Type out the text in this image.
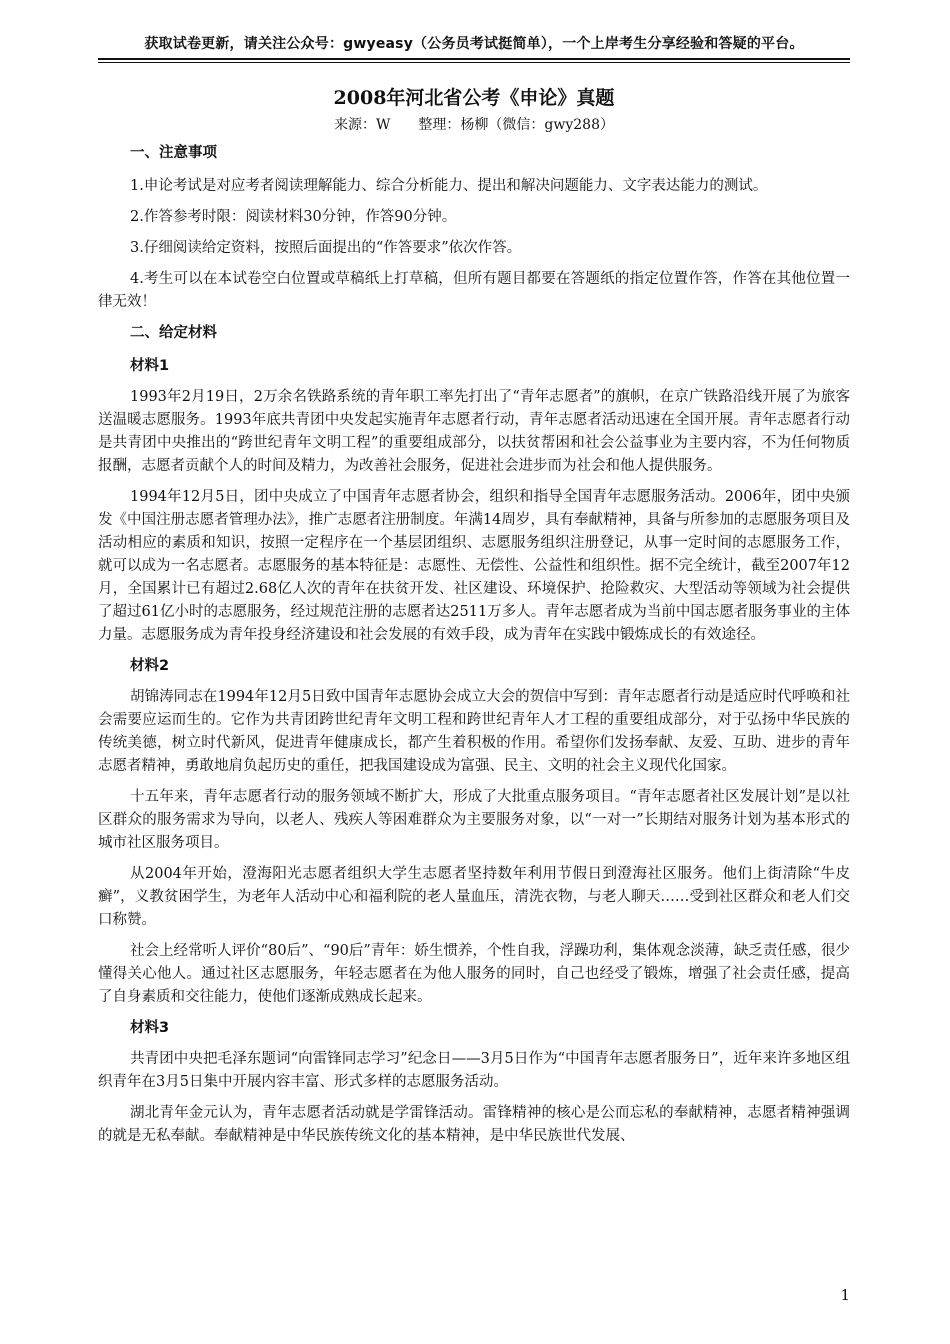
获取试卷更新，请关注公众号：gwyeasy（公务员考试挺简单），一个上岸考生分享经验和答疑的平台。

2008年河北省公考《申论》真题

来源：W　　整理：杨柳（微信：gwy288）

一、注意事项

1.申论考试是对应考者阅读理解能力、综合分析能力、提出和解决问题能力、文字表达能力的测试。

2.作答参考时限：阅读材料30分钟，作答90分钟。

3.仔细阅读给定资料，按照后面提出的“作答要求”依次作答。

4.考生可以在本试卷空白位置或草稿纸上打草稿，但所有题目都要在答题纸的指定位置作答，作答在其他位置一律无效！

二、给定材料

材料1

1993年2月19日，2万余名铁路系统的青年职工率先打出了“青年志愿者”的旗帜，在京广铁路沿线开展了为旅客送温暖志愿服务。1993年底共青团中央发起实施青年志愿者行动，青年志愿者活动迅速在全国开展。青年志愿者行动是共青团中央推出的“跨世纪青年文明工程”的重要组成部分，以扶贫帮困和社会公益事业为主要内容，不为任何物质报酬，志愿者贡献个人的时间及精力，为改善社会服务，促进社会进步而为社会和他人提供服务。

1994年12月5日，团中央成立了中国青年志愿者协会，组织和指导全国青年志愿服务活动。2006年，团中央颁发《中国注册志愿者管理办法》，推广志愿者注册制度。年满14周岁，具有奉献精神，具备与所参加的志愿服务项目及活动相应的素质和知识，按照一定程序在一个基层团组织、志愿服务组织注册登记，从事一定时间的志愿服务工作，就可以成为一名志愿者。志愿服务的基本特征是：志愿性、无偿性、公益性和组织性。据不完全统计，截至2007年12月，全国累计已有超过2.68亿人次的青年在扶贫开发、社区建设、环境保护、抢险救灾、大型活动等领域为社会提供了超过61亿小时的志愿服务，经过规范注册的志愿者达2511万多人。青年志愿者成为当前中国志愿者服务事业的主体力量。志愿服务成为青年投身经济建设和社会发展的有效手段，成为青年在实践中锻炼成长的有效途径。

材料2

胡锦涛同志在1994年12月5日致中国青年志愿协会成立大会的贺信中写到：青年志愿者行动是适应时代呼唤和社会需要应运而生的。它作为共青团跨世纪青年文明工程和跨世纪青年人才工程的重要组成部分，对于弘扬中华民族的传统美德，树立时代新风，促进青年健康成长，都产生着积极的作用。希望你们发扬奉献、友爱、互助、进步的青年志愿者精神，勇敢地肩负起历史的重任，把我国建设成为富强、民主、文明的社会主义现代化国家。

十五年来，青年志愿者行动的服务领域不断扩大，形成了大批重点服务项目。“青年志愿者社区发展计划”是以社区群众的服务需求为导向，以老人、残疾人等困难群众为主要服务对象，以“一对一”长期结对服务计划为基本形式的城市社区服务项目。

从2004年开始，澄海阳光志愿者组织大学生志愿者坚持数年利用节假日到澄海社区服务。他们上街清除“牛皮癣”，义教贫困学生，为老年人活动中心和福利院的老人量血压，清洗衣物，与老人聊天……受到社区群众和老人们交口称赞。

社会上经常听人评价“80后”、“90后”青年：娇生惯养，个性自我，浮躁功利，集体观念淡薄，缺乏责任感，很少懂得关心他人。通过社区志愿服务，年轻志愿者在为他人服务的同时，自己也经受了锻炼，增强了社会责任感，提高了自身素质和交往能力，使他们逐渐成熟成长起来。

材料3

共青团中央把毛泽东题词“向雷锋同志学习”纪念日——3月5日作为“中国青年志愿者服务日”，近年来许多地区组织青年在3月5日集中开展内容丰富、形式多样的志愿服务活动。

湖北青年金元认为，青年志愿者活动就是学雷锋活动。雷锋精神的核心是公而忘私的奉献精神，志愿者精神强调的就是无私奉献。奉献精神是中华民族传统文化的基本精神，是中华民族世代发展、

1
